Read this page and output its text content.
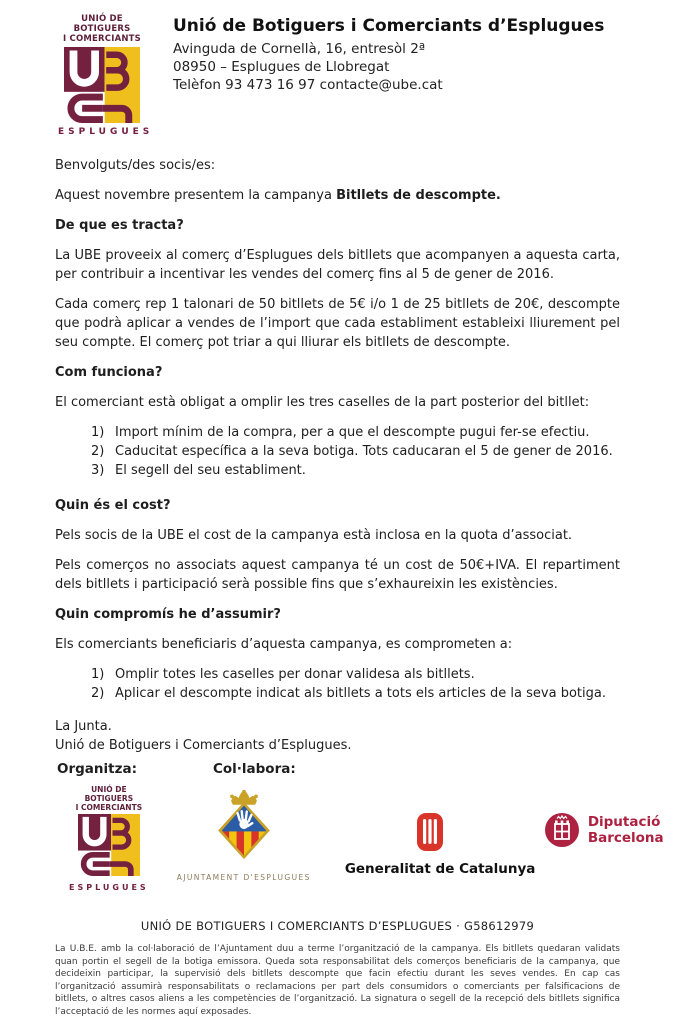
UNIÓ DE BOTIGUERS
I COMERCIANTS
ESPLUGUES
Unió de Botiguers i Comerciants d’Esplugues
Avinguda de Cornellà, 16, entresòl 2ª
08950 – Esplugues de Llobregat
Telèfon 93 473 16 97 contacte@ube.cat
Benvolguts/des socis/es:
Aquest novembre presentem la campanya Bitllets de descompte.
De que es tracta?
La UBE proveeix al comerç d’Esplugues dels bitllets que acompanyen a aquesta carta, per contribuir a incentivar les vendes del comerç fins al 5 de gener de 2016.
Cada comerç rep 1 talonari de 50 bitllets de 5€ i/o 1 de 25 bitllets de 20€, descompte que podrà aplicar a vendes de l’import que cada establiment estableixi lliurement pel seu compte. El comerç pot triar a qui lliurar els bitllets de descompte.
Com funciona?
El comerciant està obligat a omplir les tres caselles de la part posterior del bitllet:
1) Import mínim de la compra, per a que el descompte pugui fer-se efectiu.
2) Caducitat específica a la seva botiga. Tots caducaran el 5 de gener de 2016.
3) El segell del seu establiment.
Quin és el cost?
Pels socis de la UBE el cost de la campanya està inclosa en la quota d’associat.
Pels comerços no associats aquest campanya té un cost de 50€+IVA. El repartiment dels bitllets i participació serà possible fins que s’exhaureixin les existències.
Quin compromís he d’assumir?
Els comerciants beneficiaris d’aquesta campanya, es comprometen a:
1) Omplir totes les caselles per donar validesa als bitllets.
2) Aplicar el descompte indicat als bitllets a tots els articles de la seva botiga.
La Junta.
Unió de Botiguers i Comerciants d’Esplugues.
Organitza:	Col·labora:
UNIÓ DE BOTIGUERS
I COMERCIANTS
ESPLUGUES
AJUNTAMENT D'ESPLUGUES
Generalitat de Catalunya
Diputació
Barcelona
UNIÓ DE BOTIGUERS I COMERCIANTS D’ESPLUGUES · G58612979
La U.B.E. amb la col·laboració de l’Ajuntament duu a terme l’organització de la campanya. Els bitllets quedaran validats quan portin el segell de la botiga emissora. Queda sota responsabilitat dels comerços beneficiaris de la campanya, que decideixin participar, la supervisió dels bitllets descompte que facin efectiu durant les seves vendes. En cap cas l’organització assumirà responsabilitats o reclamacions per part dels consumidors o comerciants per falsificacions de bitllets, o altres casos aliens a les competències de l’organització. La signatura o segell de la recepció dels bitllets significa l’acceptació de les normes aquí exposades.
